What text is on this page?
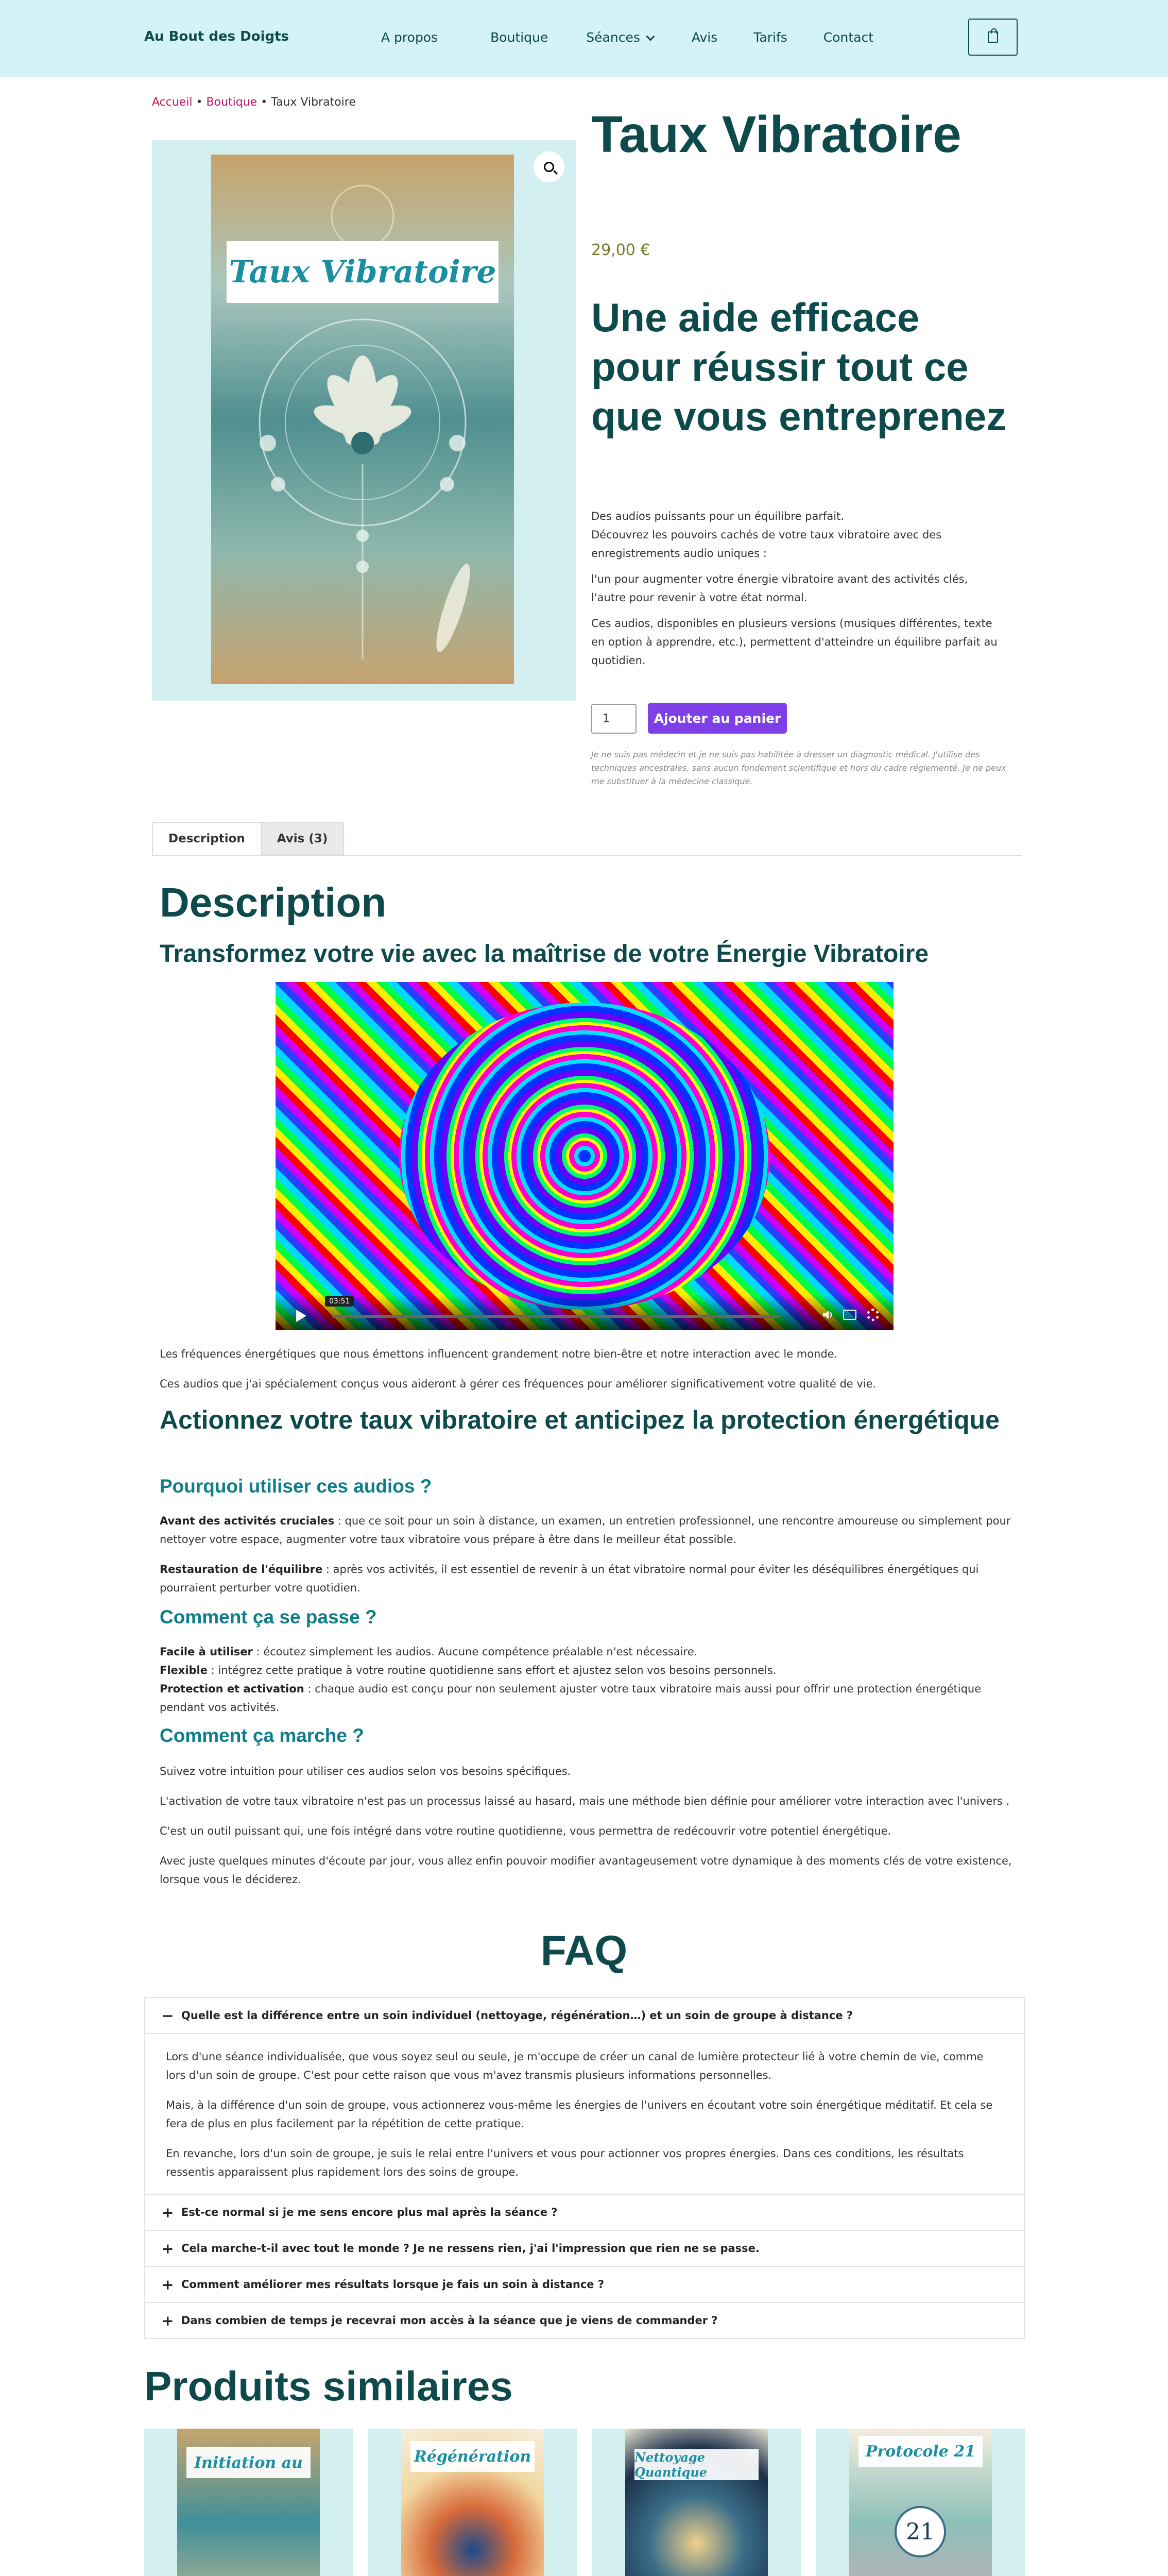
Au Bout des Doigts	A propos	Boutique	Séances	Avis	Tarifs	Contact
Accueil • Boutique • Taux Vibratoire
Taux Vibratoire
Taux Vibratoire
29,00 €
Une aide efficace pour réussir tout ce que vous entreprenez

Des audios puissants pour un équilibre parfait.
Découvrez les pouvoirs cachés de votre taux vibratoire avec des enregistrements audio uniques :

l'un pour augmenter votre énergie vibratoire avant des activités clés, l'autre pour revenir à votre état normal.

Ces audios, disponibles en plusieurs versions (musiques différentes, texte en option à apprendre, etc.), permettent d'atteindre un équilibre parfait au quotidien.

1
Ajouter au panier
Je ne suis pas médecin et je ne suis pas habilitée à dresser un diagnostic médical. J'utilise des techniques ancestrales, sans aucun fondement scientifique et hors du cadre réglementé. Je ne peux me substituer à la médecine classique.
Description	Avis (3)
Description
Transformez votre vie avec la maîtrise de votre Énergie Vibratoire
03:51

Les fréquences énergétiques que nous émettons influencent grandement notre bien-être et notre interaction avec le monde.

Ces audios que j'ai spécialement conçus vous aideront à gérer ces fréquences pour améliorer significativement votre qualité de vie.

Actionnez votre taux vibratoire et anticipez la protection énergétique
Pourquoi utiliser ces audios ?

Avant des activités cruciales : que ce soit pour un soin à distance, un examen, un entretien professionnel, une rencontre amoureuse ou simplement pour nettoyer votre espace, augmenter votre taux vibratoire vous prépare à être dans le meilleur état possible.

Restauration de l'équilibre : après vos activités, il est essentiel de revenir à un état vibratoire normal pour éviter les déséquilibres énergétiques qui pourraient perturber votre quotidien.

Comment ça se passe ?

Facile à utiliser : écoutez simplement les audios. Aucune compétence préalable n'est nécessaire.
Flexible : intégrez cette pratique à votre routine quotidienne sans effort et ajustez selon vos besoins personnels.
Protection et activation : chaque audio est conçu pour non seulement ajuster votre taux vibratoire mais aussi pour offrir une protection énergétique pendant vos activités.

Comment ça marche ?

Suivez votre intuition pour utiliser ces audios selon vos besoins spécifiques.

L'activation de votre taux vibratoire n'est pas un processus laissé au hasard, mais une méthode bien définie pour améliorer votre interaction avec l'univers .

C'est un outil puissant qui, une fois intégré dans votre routine quotidienne, vous permettra de redécouvrir votre potentiel énergétique.

Avec juste quelques minutes d'écoute par jour, vous allez enfin pouvoir modifier avantageusement votre dynamique à des moments clés de votre existence, lorsque vous le déciderez.

FAQ
− Quelle est la différence entre un soin individuel (nettoyage, régénération…) et un soin de groupe à distance ?

Lors d'une séance individualisée, que vous soyez seul ou seule, je m'occupe de créer un canal de lumière protecteur lié à votre chemin de vie, comme lors d'un soin de groupe. C'est pour cette raison que vous m'avez transmis plusieurs informations personnelles.

Mais, à la différence d'un soin de groupe, vous actionnerez vous-même les énergies de l'univers en écoutant votre soin énergétique méditatif. Et cela se fera de plus en plus facilement par la répétition de cette pratique.

En revanche, lors d'un soin de groupe, je suis le relai entre l'univers et vous pour actionner vos propres énergies. Dans ces conditions, les résultats ressentis apparaissent plus rapidement lors des soins de groupe.

+ Est-ce normal si je me sens encore plus mal après la séance ?
+ Cela marche-t-il avec tout le monde ? Je ne ressens rien, j'ai l'impression que rien ne se passe.
+ Comment améliorer mes résultats lorsque je fais un soin à distance ?
+ Dans combien de temps je recevrai mon accès à la séance que je viens de commander ?
Produits similaires
Initiation au	Régénération	Nettoyage Quantique
Protocole 21
21
